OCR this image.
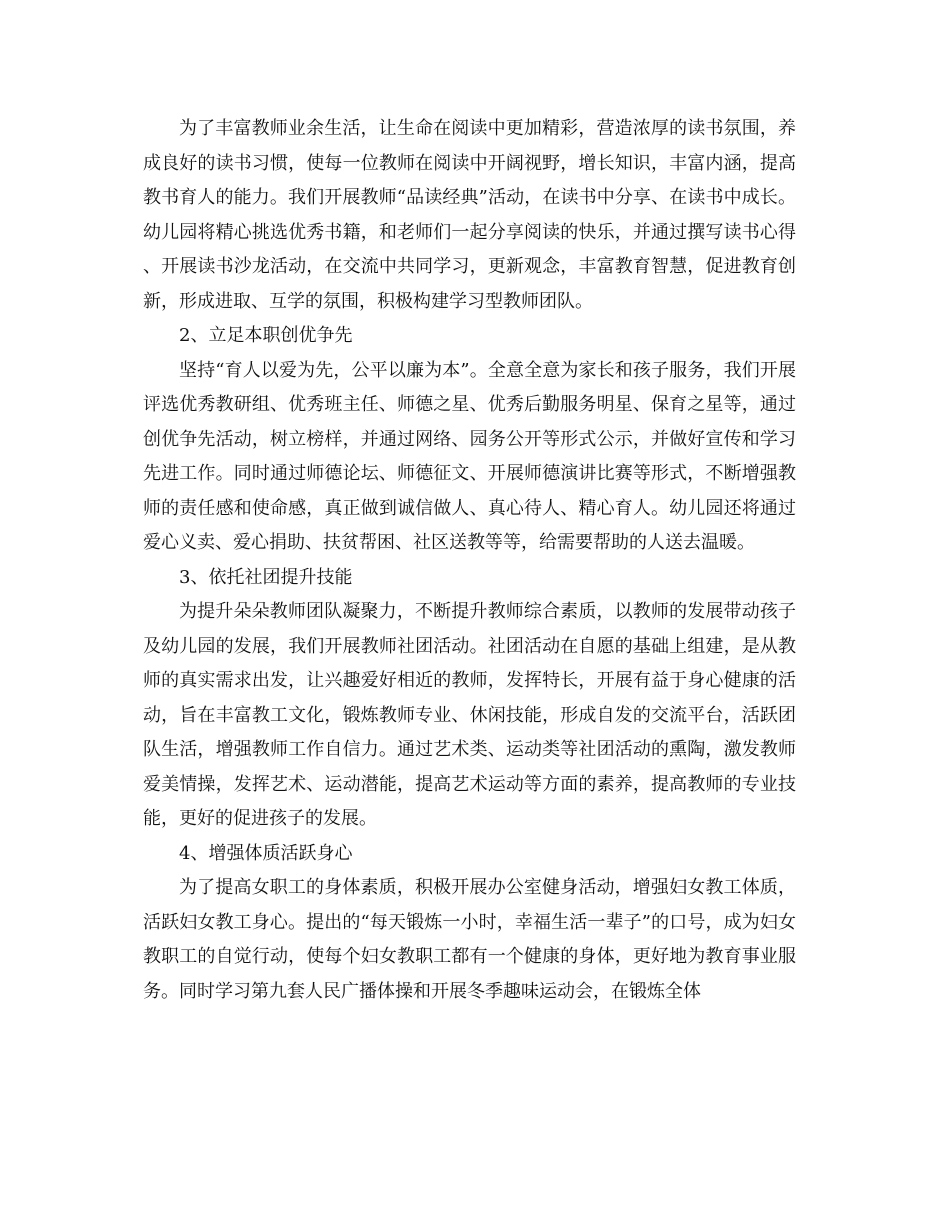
为了丰富教师业余生活，让生命在阅读中更加精彩，营造浓厚的读书氛围，养成良好的读书习惯，使每一位教师在阅读中开阔视野，增长知识，丰富内涵，提高教书育人的能力。我们开展教师“品读经典”活动，在读书中分享、在读书中成长。幼儿园将精心挑选优秀书籍，和老师们一起分享阅读的快乐，并通过撰写读书心得、开展读书沙龙活动，在交流中共同学习，更新观念，丰富教育智慧，促进教育创新，形成进取、互学的氛围，积极构建学习型教师团队。

2、立足本职创优争先

坚持“育人以爱为先，公平以廉为本”。全意全意为家长和孩子服务，我们开展评选优秀教研组、优秀班主任、师德之星、优秀后勤服务明星、保育之星等，通过创优争先活动，树立榜样，并通过网络、园务公开等形式公示，并做好宣传和学习先进工作。同时通过师德论坛、师德征文、开展师德演讲比赛等形式，不断增强教师的责任感和使命感，真正做到诚信做人、真心待人、精心育人。幼儿园还将通过爱心义卖、爱心捐助、扶贫帮困、社区送教等等，给需要帮助的人送去温暖。

3、依托社团提升技能

为提升朵朵教师团队凝聚力，不断提升教师综合素质，以教师的发展带动孩子及幼儿园的发展，我们开展教师社团活动。社团活动在自愿的基础上组建，是从教师的真实需求出发，让兴趣爱好相近的教师，发挥特长，开展有益于身心健康的活动，旨在丰富教工文化，锻炼教师专业、休闲技能，形成自发的交流平台，活跃团队生活，增强教师工作自信力。通过艺术类、运动类等社团活动的熏陶，激发教师爱美情操，发挥艺术、运动潜能，提高艺术运动等方面的素养，提高教师的专业技能，更好的促进孩子的发展。

4、增强体质活跃身心

为了提高女职工的身体素质，积极开展办公室健身活动，增强妇女教工体质，活跃妇女教工身心。提出的“每天锻炼一小时，幸福生活一辈子”的口号，成为妇女教职工的自觉行动，使每个妇女教职工都有一个健康的身体，更好地为教育事业服务。同时学习第九套人民广播体操和开展冬季趣味运动会，在锻炼全体
